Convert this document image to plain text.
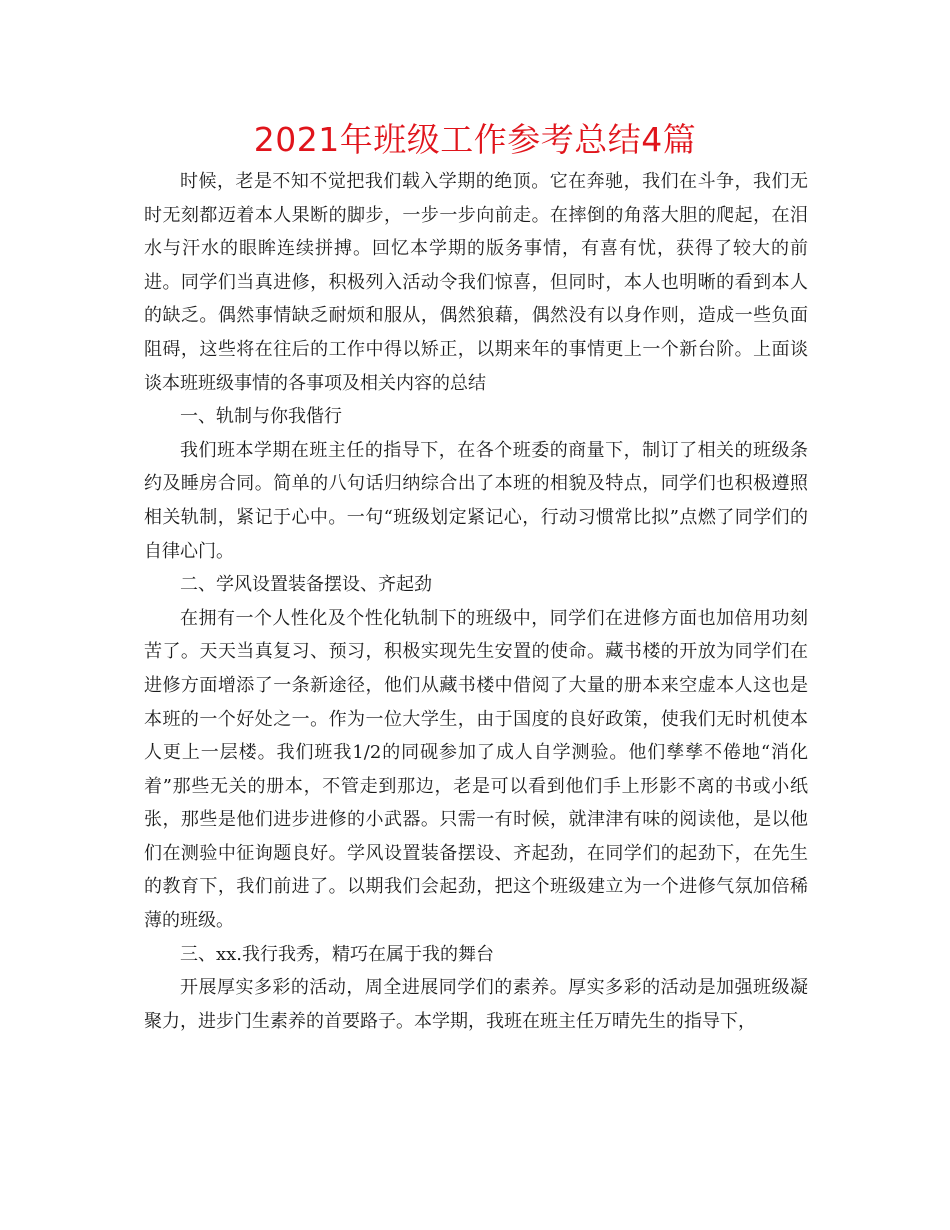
2021年班级工作参考总结4篇

时候，老是不知不觉把我们载入学期的绝顶。它在奔驰，我们在斗争，我们无时无刻都迈着本人果断的脚步，一步一步向前走。在摔倒的角落大胆的爬起，在泪水与汗水的眼眸连续拼搏。回忆本学期的版务事情，有喜有忧，获得了较大的前进。同学们当真进修，积极列入活动令我们惊喜，但同时，本人也明晰的看到本人的缺乏。偶然事情缺乏耐烦和服从，偶然狼藉，偶然没有以身作则，造成一些负面阻碍，这些将在往后的工作中得以矫正，以期来年的事情更上一个新台阶。上面谈谈本班班级事情的各事项及相关内容的总结

一、轨制与你我偕行

我们班本学期在班主任的指导下，在各个班委的商量下，制订了相关的班级条约及睡房合同。简单的八句话归纳综合出了本班的相貌及特点，同学们也积极遵照相关轨制，紧记于心中。一句“班级划定紧记心，行动习惯常比拟”点燃了同学们的自律心门。

二、学风设置装备摆设、齐起劲

在拥有一个人性化及个性化轨制下的班级中，同学们在进修方面也加倍用功刻苦了。天天当真复习、预习，积极实现先生安置的使命。藏书楼的开放为同学们在进修方面增添了一条新途径，他们从藏书楼中借阅了大量的册本来空虚本人这也是本班的一个好处之一。作为一位大学生，由于国度的良好政策，使我们无时机使本人更上一层楼。我们班我1/2的同砚参加了成人自学测验。他们孳孳不倦地“消化着”那些无关的册本，不管走到那边，老是可以看到他们手上形影不离的书或小纸张，那些是他们进步进修的小武器。只需一有时候，就津津有味的阅读他，是以他们在测验中征询题良好。学风设置装备摆设、齐起劲，在同学们的起劲下，在先生的教育下，我们前进了。以期我们会起劲，把这个班级建立为一个进修气氛加倍稀薄的班级。

三、xx.我行我秀，精巧在属于我的舞台

开展厚实多彩的活动，周全进展同学们的素养。厚实多彩的活动是加强班级凝聚力，进步门生素养的首要路子。本学期，我班在班主任万晴先生的指导下，
